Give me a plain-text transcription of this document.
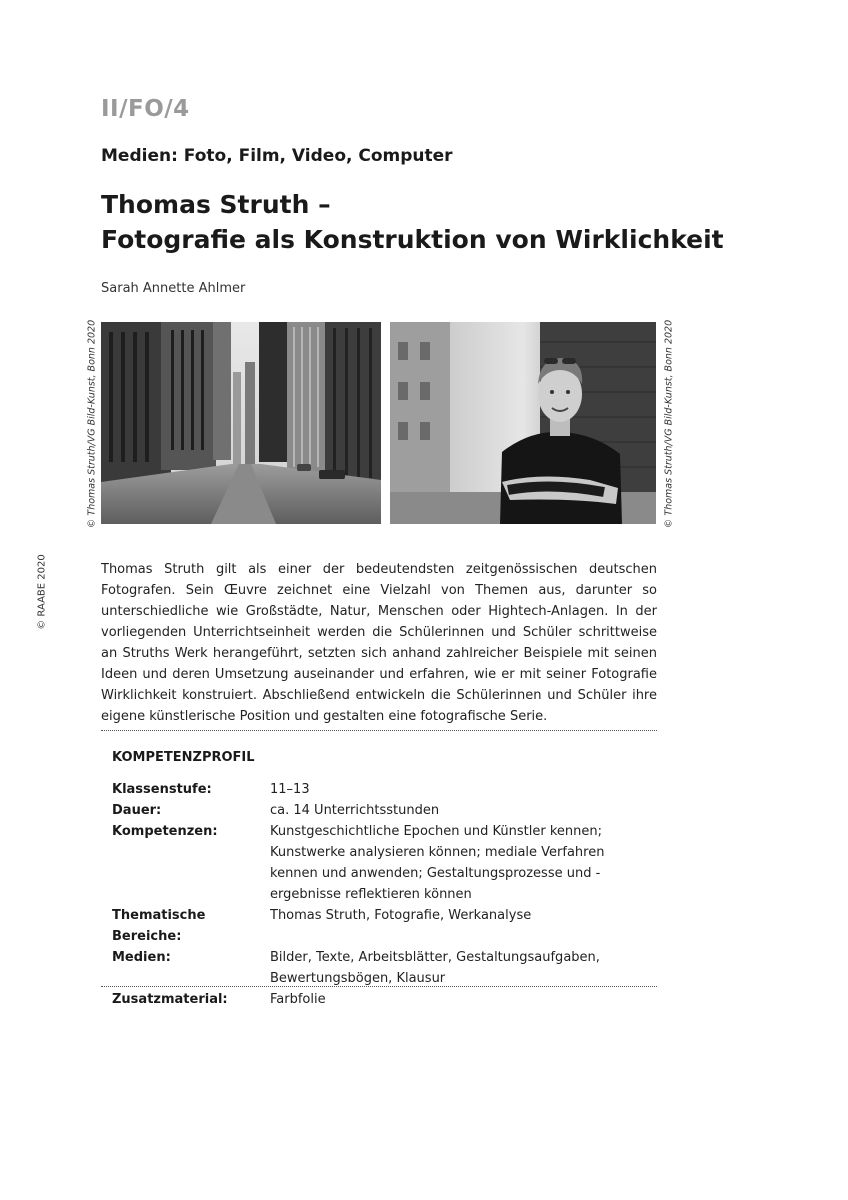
II/FO/4
Medien: Foto, Film, Video, Computer
Thomas Struth –
Fotografie als Konstruktion von Wirklichkeit
Sarah Annette Ahlmer
© Thomas Struth/VG Bild-Kunst, Bonn 2020	© Thomas Struth/VG Bild-Kunst, Bonn 2020
© RAABE 2020	Thomas Struth gilt als einer der bedeutendsten zeitgenössischen deutschen Fotografen. Sein Œuvre zeichnet eine Vielzahl von Themen aus, darunter so unterschiedliche wie Großstädte, Natur, Menschen oder Hightech-Anlagen. In der vorliegenden Unterrichtseinheit werden die Schülerinnen und Schüler schrittweise an Struths Werk herangeführt, setzten sich anhand zahlreicher Beispiele mit seinen Ideen und deren Umsetzung auseinander und erfahren, wie er mit seiner Fotografie Wirklichkeit konstruiert. Abschließend entwickeln die Schülerinnen und Schüler ihre eigene künstlerische Position und gestalten eine fotografische Serie.

KOMPETENZPROFIL
Klassenstufe:	11–13
Dauer:	ca. 14 Unterrichtsstunden
Kompetenzen:	Kunstgeschichtliche Epochen und Künstler kennen; Kunstwerke analysieren können; mediale Verfahren kennen und anwenden; Gestaltungsprozesse und -ergebnisse reflektieren können
Thematische Bereiche:
Thomas Struth, Fotografie, Werkanalyse
Medien:	Bilder, Texte, Arbeitsblätter, Gestaltungsaufgaben, Bewertungsbögen, Klausur
Zusatzmaterial:	Farbfolie
